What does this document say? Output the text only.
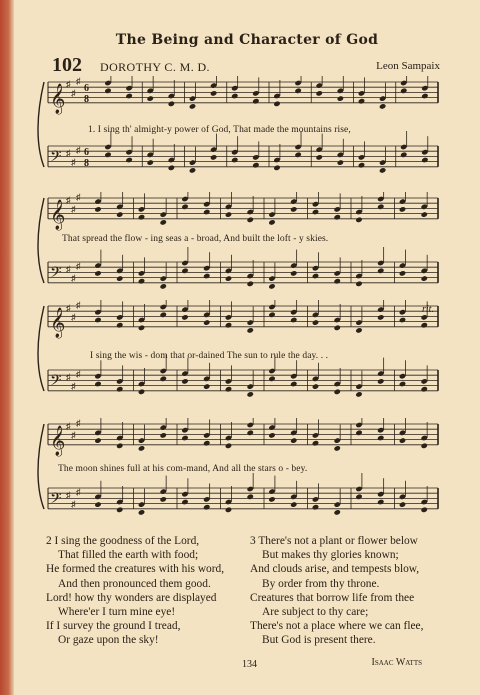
The Being and Character of God
102 DOROTHY C. M. D.	Leon Sampaix
𝄞 ♯
♯
♯
6
8
𝄢 ♯
♯
♯ 6
8
1. I sing th' almight-y power of God, That made the mountains rise,
𝄞 ♯
♯
♯
𝄢 ♯
♯
♯
That spread the flow - ing seas a - broad, And built the loft - y skies.
𝄞 ♯
♯
♯
𝄢 ♯
♯
♯
rit.
I sing the wis - dom that or-dained The sun to rule the day. . .
𝄞 ♯
♯
♯
𝄢 ♯
♯
♯
The moon shines full at his com-mand, And all the stars o - bey.
2 I sing the goodness of the Lord,
That filled the earth with food;
He formed the creatures with his word,
And then pronounced them good.
Lord! how thy wonders are displayed
Where'er I turn mine eye!
If I survey the ground I tread,
Or gaze upon the sky!
3 There's not a plant or flower below
But makes thy glories known;
And clouds arise, and tempests blow,
By order from thy throne.
Creatures that borrow life from thee
Are subject to thy care;
There's not a place where we can flee,
But God is present there.
134	Isaac Watts
